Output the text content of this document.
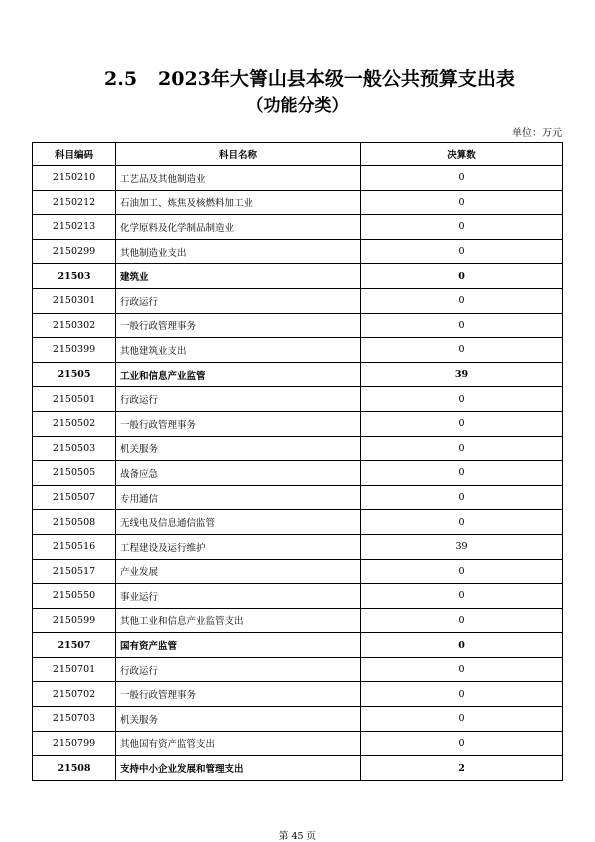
2.5 2023年大箐山县本级一般公共预算支出表
（功能分类）
单位：万元
科目编码	科目名称	决算数
2150210	工艺品及其他制造业	0
2150212	石油加工、炼焦及核燃料加工业	0
2150213	化学原料及化学制品制造业	0
2150299	其他制造业支出	0
21503	建筑业	0
2150301	行政运行	0
2150302	一般行政管理事务	0
2150399	其他建筑业支出	0
21505	工业和信息产业监管	39
2150501	行政运行	0
2150502	一般行政管理事务	0
2150503	机关服务	0
2150505	战备应急	0
2150507	专用通信	0
2150508	无线电及信息通信监管	0
2150516	工程建设及运行维护	39
2150517	产业发展	0
2150550	事业运行	0
2150599	其他工业和信息产业监管支出	0
21507	国有资产监管	0
2150701	行政运行	0
2150702	一般行政管理事务	0
2150703	机关服务	0
2150799	其他国有资产监管支出	0
21508	支持中小企业发展和管理支出	2
第 45 页
